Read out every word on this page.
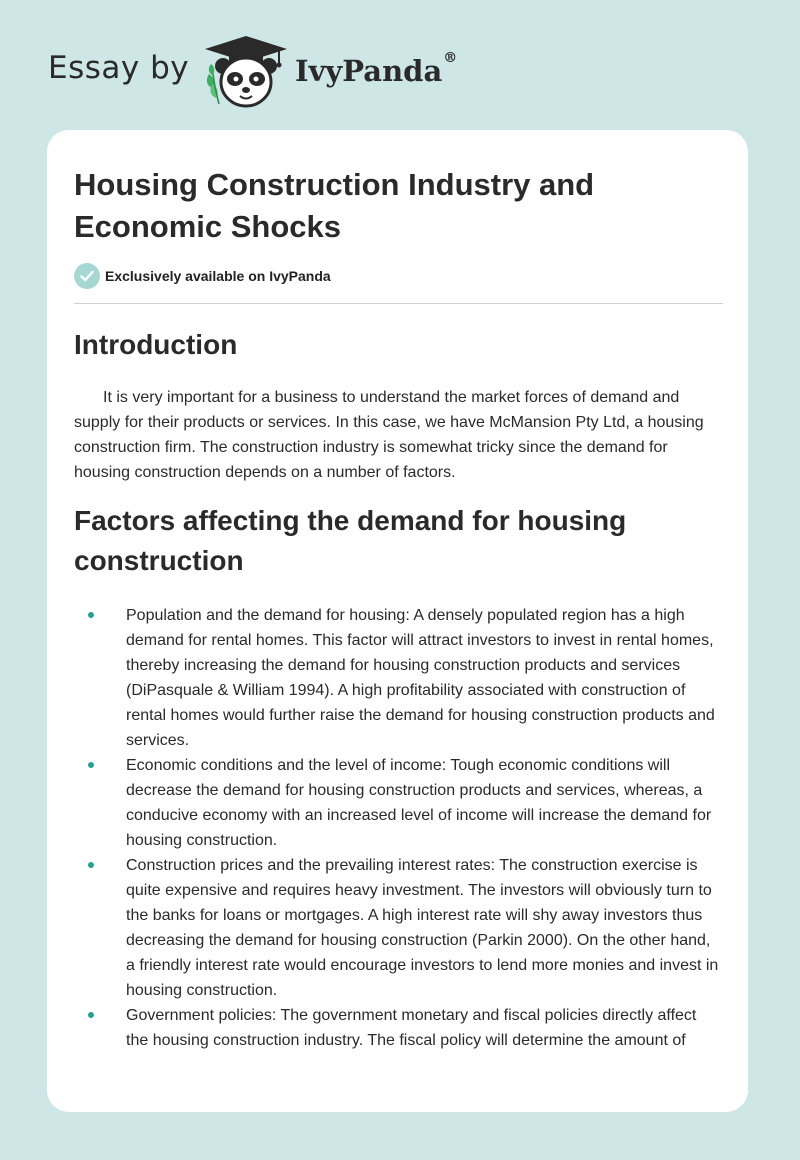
Essay by	IvyPanda®
Housing Construction Industry and Economic Shocks
Exclusively available on IvyPanda
Introduction

It is very important for a business to understand the market forces of demand and supply for their products or services. In this case, we have McMansion Pty Ltd, a housing construction firm. The construction industry is somewhat tricky since the demand for housing construction depends on a number of factors.

Factors affecting the demand for housing construction
Population and the demand for housing: A densely populated region has a high demand for rental homes. This factor will attract investors to invest in rental homes, thereby increasing the demand for housing construction products and services (DiPasquale & William 1994). A high profitability associated with construction of rental homes would further raise the demand for housing construction products and services.
Economic conditions and the level of income: Tough economic conditions will decrease the demand for housing construction products and services, whereas, a conducive economy with an increased level of income will increase the demand for housing construction.
Construction prices and the prevailing interest rates: The construction exercise is quite expensive and requires heavy investment. The investors will obviously turn to the banks for loans or mortgages. A high interest rate will shy away investors thus decreasing the demand for housing construction (Parkin 2000). On the other hand, a friendly interest rate would encourage investors to lend more monies and invest in housing construction.
Government policies: The government monetary and fiscal policies directly affect the housing construction industry. The fiscal policy will determine the amount of
